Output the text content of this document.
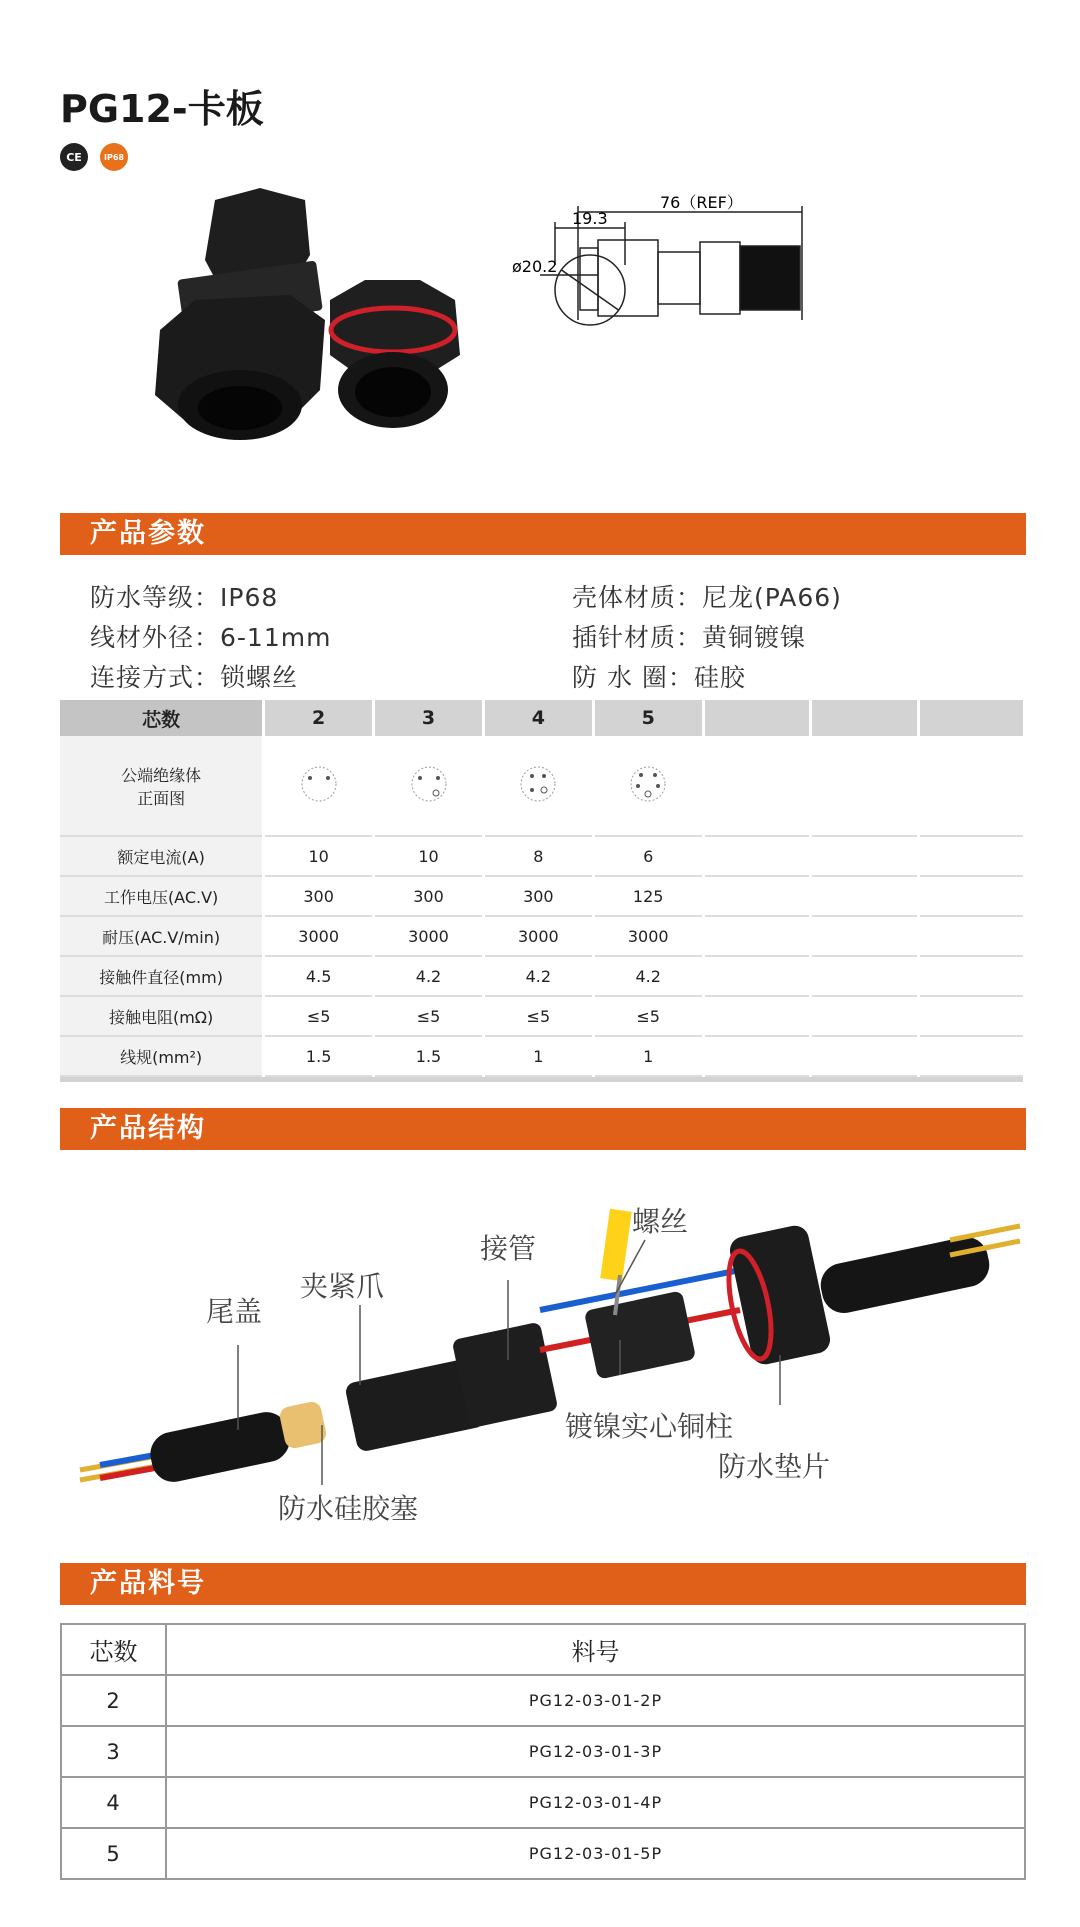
PG12-卡板
CE	IP68
19.3
ø20.2
76（REF）
产品参数
防水等级：IP68
线材外径：6-11mm
连接方式：锁螺丝
壳体材质：尼龙(PA66)
插针材质：黄铜镀镍
防 水 圈：硅胶
芯数	2	3	4	5			
公端绝缘体
正面图							
额定电流(A)	10	10	8	6			
工作电压(AC.V)	300	300	300	125			
耐压(AC.V/min)	3000	3000	3000	3000			
接触件直径(mm)	4.5	4.2	4.2	4.2			
接触电阻(mΩ)	≤5	≤5	≤5	≤5			
线规(mm²)	1.5	1.5	1	1			

产品结构
尾盖
夹紧爪
接管
螺丝
防水硅胶塞
镀镍实心铜柱
防水垫片
产品料号
芯数	料号
2	PG12-03-01-2P
3	PG12-03-01-3P
4	PG12-03-01-4P
5	PG12-03-01-5P
